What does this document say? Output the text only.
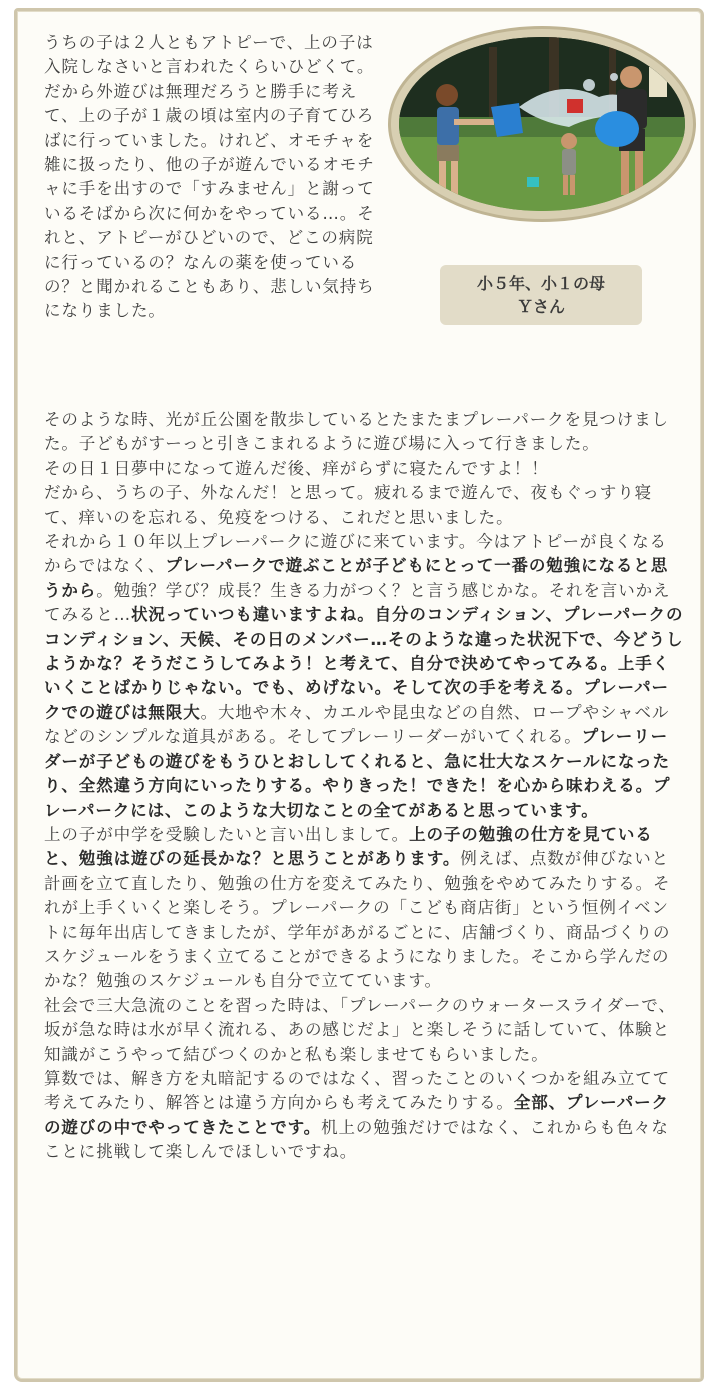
小５年、小１の母
Ｙさん

うちの子は２人ともアトピーで、上の子は入院しなさいと言われたくらいひどくて。だから外遊びは無理だろうと勝手に考えて、上の子が１歳の頃は室内の子育てひろばに行っていました。けれど、オモチャを雑に扱ったり、他の子が遊んでいるオモチャに手を出すので「すみません」と謝っているそばから次に何かをやっている…。それと、アトピーがひどいので、どこの病院に行っているの？なんの薬を使っているの？と聞かれることもあり、悲しい気持ちになりました。

そのような時、光が丘公園を散歩しているとたまたまプレーパークを見つけました。子どもがすーっと引きこまれるように遊び場に入って行きました。

その日１日夢中になって遊んだ後、痒がらずに寝たんですよ！！

だから、うちの子、外なんだ！と思って。疲れるまで遊んで、夜もぐっすり寝て、痒いのを忘れる、免疫をつける、これだと思いました。

それから１０年以上プレーパークに遊びに来ています。今はアトピーが良くなるからではなく、プレーパークで遊ぶことが子どもにとって一番の勉強になると思うから。勉強？学び？成長？生きる力がつく？と言う感じかな。それを言いかえてみると…状況っていつも違いますよね。自分のコンディション、プレーパークのコンディション、天候、その日のメンバー…そのような違った状況下で、今どうしようかな？そうだこうしてみよう！と考えて、自分で決めてやってみる。上手くいくことばかりじゃない。でも、めげない。そして次の手を考える。プレーパークでの遊びは無限大。大地や木々、カエルや昆虫などの自然、ロープやシャベルなどのシンプルな道具がある。そしてプレーリーダーがいてくれる。プレーリーダーが子どもの遊びをもうひとおししてくれると、急に壮大なスケールになったり、全然違う方向にいったりする。やりきった！できた！を心から味わえる。プレーパークには、このような大切なことの全てがあると思っています。

上の子が中学を受験したいと言い出しまして。上の子の勉強の仕方を見ていると、勉強は遊びの延長かな？と思うことがあります。例えば、点数が伸びないと計画を立て直したり、勉強の仕方を変えてみたり、勉強をやめてみたりする。それが上手くいくと楽しそう。プレーパークの「こども商店街」という恒例イベントに毎年出店してきましたが、学年があがるごとに、店舗づくり、商品づくりのスケジュールをうまく立てることができるようになりました。そこから学んだのかな？勉強のスケジュールも自分で立てています。

社会で三大急流のことを習った時は、「プレーパークのウォータースライダーで、坂が急な時は水が早く流れる、あの感じだよ」と楽しそうに話していて、体験と知識がこうやって結びつくのかと私も楽しませてもらいました。

算数では、解き方を丸暗記するのではなく、習ったことのいくつかを組み立てて考えてみたり、解答とは違う方向からも考えてみたりする。全部、プレーパークの遊びの中でやってきたことです。机上の勉強だけではなく、これからも色々なことに挑戦して楽しんでほしいですね。
